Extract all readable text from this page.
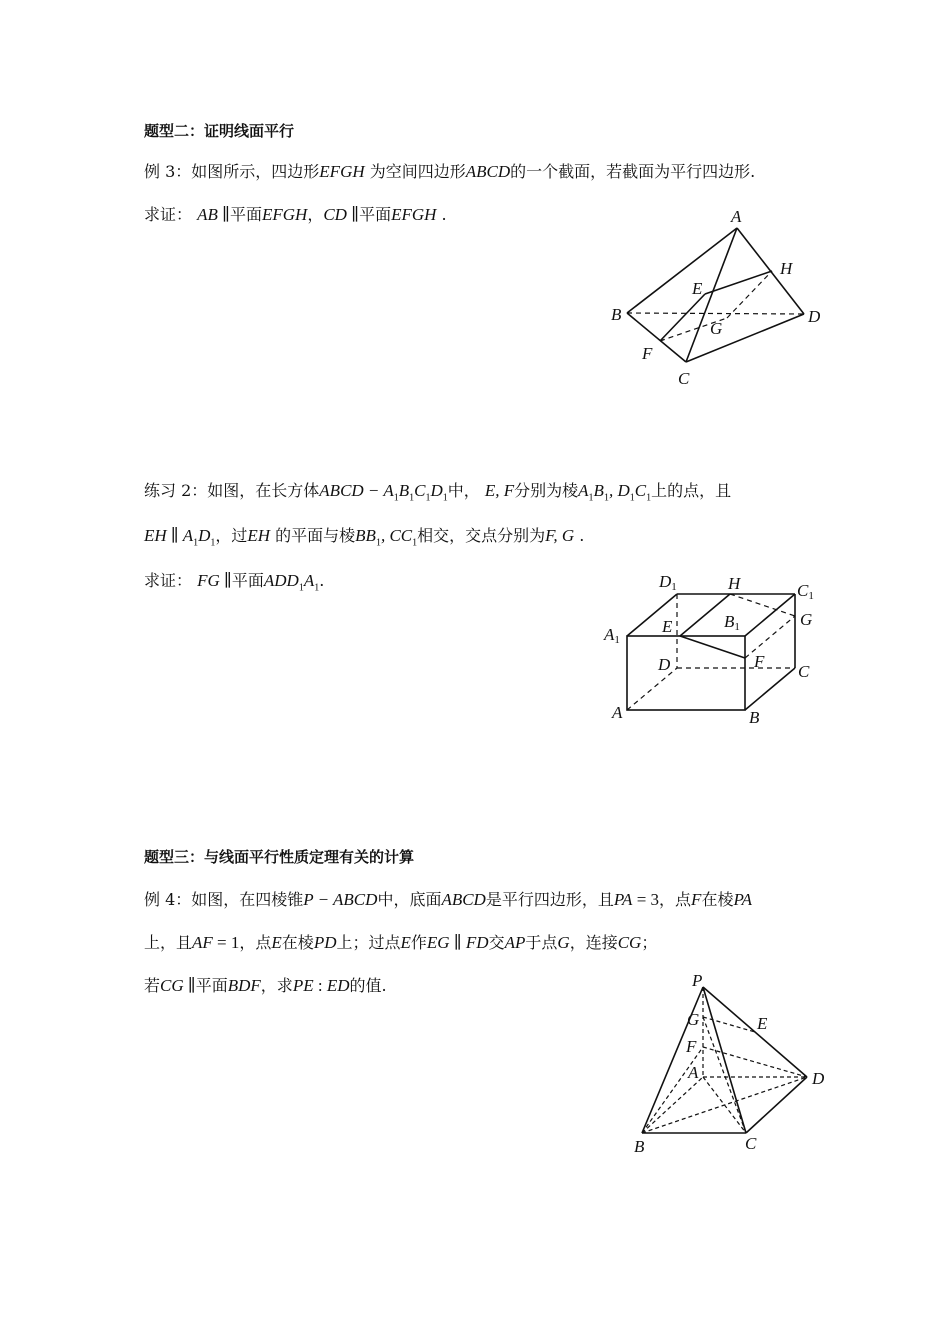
题型二：证明线面平行
例 3：如图所示，四边形EFGH 为空间四边形ABCD的一个截面，若截面为平行四边形.
求证： AB ∥平面EFGH，CD ∥平面EFGH .	A
H
E
B	D
G
F
C
练习 2：如图，在长方体ABCD − $A_1B_1C_1D_1$中， E, F分别为棱$A_1B_1$, $D_1C_1$上的点，且
EH ∥ $A_1D_1$，过EH 的平面与棱$BB_1$, $CC_1$相交，交点分别为F, G .
求证： FG ∥平面$ADD_1A_1$.	D1	H	C1
A1
E	B1	G
D	F
C
A	B
题型三：与线面平行性质定理有关的计算
例 4：如图，在四棱锥P − ABCD中，底面ABCD是平行四边形，且PA = 3，点F在棱PA
上，且AF = 1，点E在棱PD上；过点E作EG ∥ FD交AP于点G，连接CG；
若CG ∥平面BDF，求PE : ED的值.	P
G	E
F
A	D
B	C
